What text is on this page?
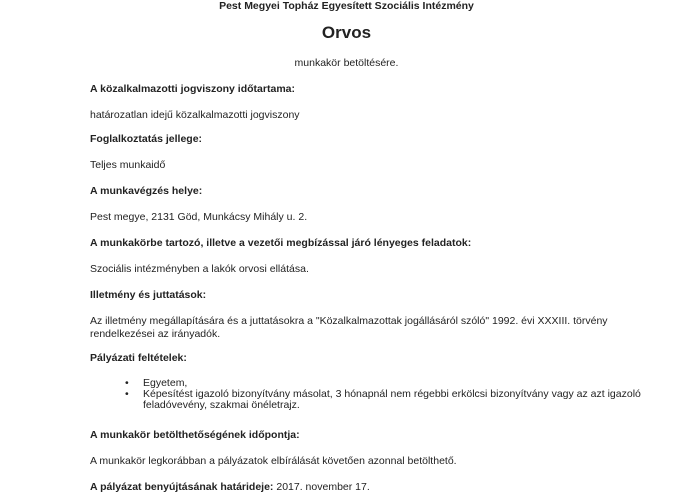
Pest Megyei Topház Egyesített Szociális Intézmény
Orvos
munkakör betöltésére.
A közalkalmazotti jogviszony időtartama:
határozatlan idejű közalkalmazotti jogviszony
Foglalkoztatás jellege:
Teljes munkaidő
A munkavégzés helye:
Pest megye, 2131 Göd, Munkácsy Mihály u. 2.
A munkakörbe tartozó, illetve a vezetői megbízással járó lényeges feladatok:
Szociális intézményben a lakók orvosi ellátása.
Illetmény és juttatások:
Az illetmény megállapítására és a juttatásokra a "Közalkalmazottak jogállásáról szóló" 1992. évi XXXIII. törvény rendelkezései az irányadók.
Pályázati feltételek:
• Egyetem,
• Képesítést igazoló bizonyítvány másolat, 3 hónapnál nem régebbi erkölcsi bizonyítvány vagy az azt igazoló feladóvevény, szakmai önéletrajz.
A munkakör betölthetőségének időpontja:
A munkakör legkorábban a pályázatok elbírálását követően azonnal betölthető.
A pályázat benyújtásának határideje: 2017. november 17.
